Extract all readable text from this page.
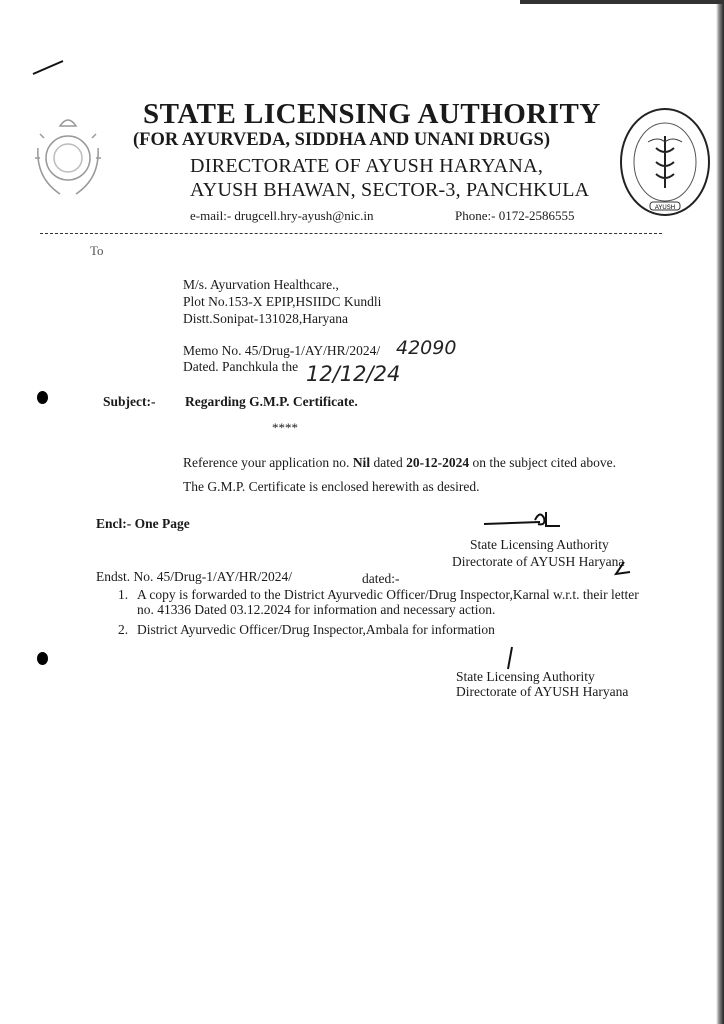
AYUSH
STATE LICENSING AUTHORITY
(FOR AYURVEDA, SIDDHA AND UNANI DRUGS)
DIRECTORATE OF AYUSH HARYANA,
AYUSH BHAWAN, SECTOR-3, PANCHKULA
e-mail:- drugcell.hry-ayush@nic.in	Phone:- 0172-2586555
To
M/s. Ayurvation Healthcare.,
Plot No.153-X EPIP,HSIIDC Kundli
Distt.Sonipat-131028,Haryana
Memo No. 45/Drug-1/AY/HR/2024/ 42090
Dated. Panchkula the 12/12/24
Subject:- Regarding G.M.P. Certificate.
****
Reference your application no. Nil dated 20-12-2024 on the subject cited above.
The G.M.P. Certificate is enclosed herewith as desired.
Encl:- One Page
State Licensing Authority
Directorate of AYUSH Haryana
Endst. No. 45/Drug-1/AY/HR/2024/	dated:-
1. A copy is forwarded to the District Ayurvedic Officer/Drug Inspector,Karnal w.r.t. their letter
no. 41336 Dated 03.12.2024 for information and necessary action.
2. District Ayurvedic Officer/Drug Inspector,Ambala for information
State Licensing Authority
Directorate of AYUSH Haryana
